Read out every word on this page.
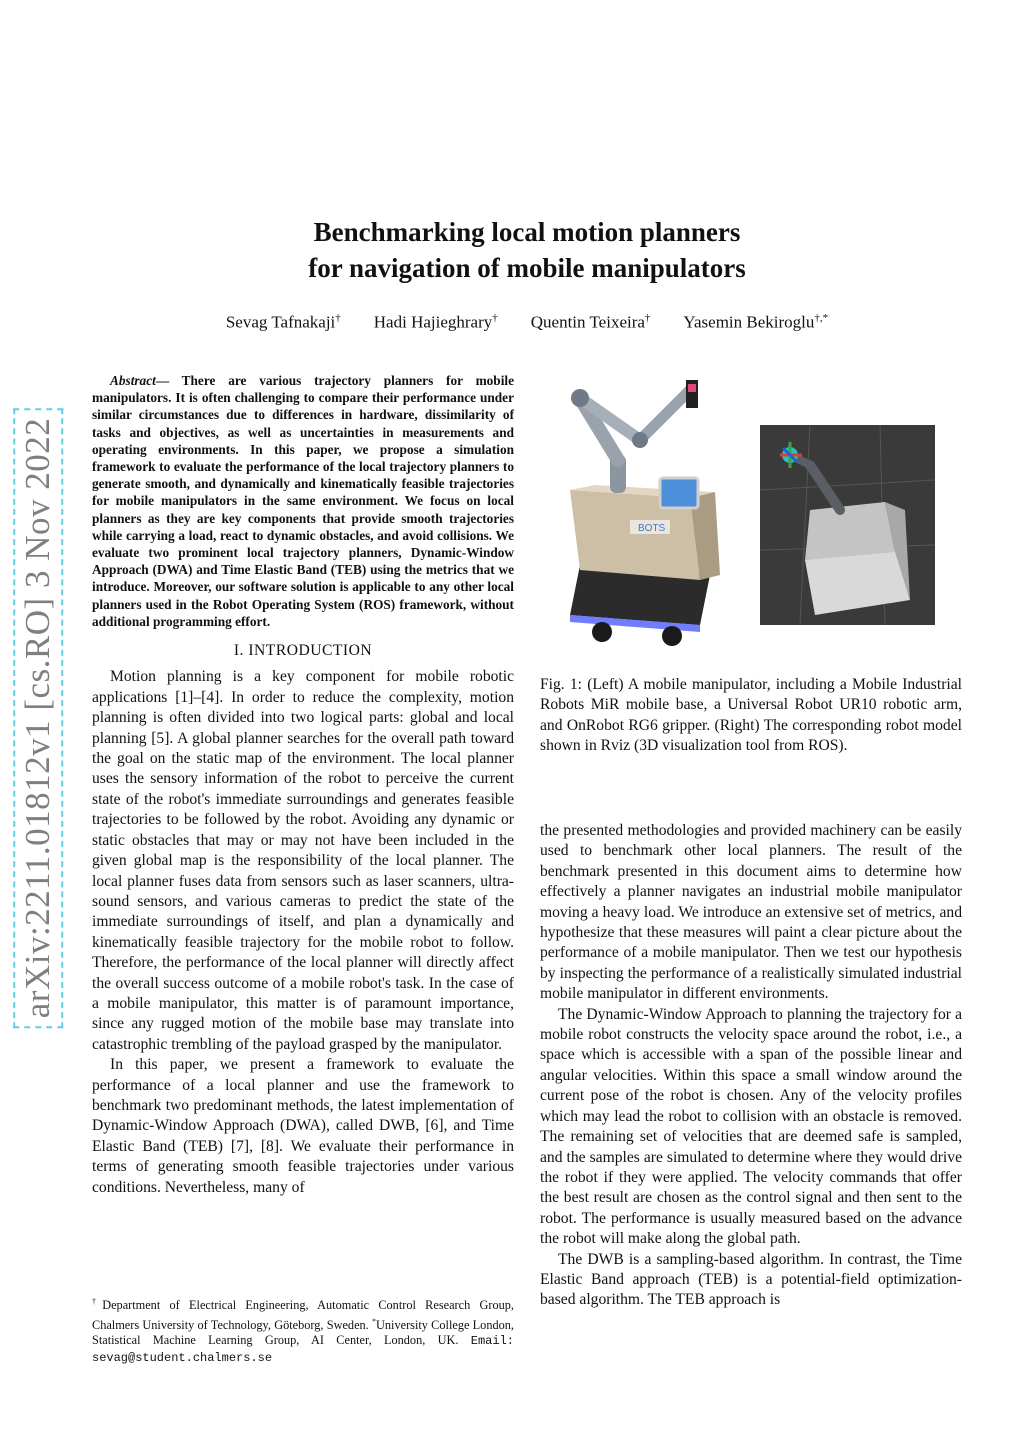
arXiv:2211.01812v1 [cs.RO] 3 Nov 2022
Benchmarking local motion planners
for navigation of mobile manipulators
Sevag Tafnakaji† Hadi Hajieghrary† Quentin Teixeira† Yasemin Bekiroglu†,*

Abstract— There are various trajectory planners for mobile manipulators. It is often challenging to compare their performance under similar circumstances due to differences in hardware, dissimilarity of tasks and objectives, as well as uncertainties in measurements and operating environments. In this paper, we propose a simulation framework to evaluate the performance of the local trajectory planners to generate smooth, and dynamically and kinematically feasible trajectories for mobile manipulators in the same environment. We focus on local planners as they are key components that provide smooth trajectories while carrying a load, react to dynamic obstacles, and avoid collisions. We evaluate two prominent local trajectory planners, Dynamic-Window Approach (DWA) and Time Elastic Band (TEB) using the metrics that we introduce. Moreover, our software solution is applicable to any other local planners used in the Robot Operating System (ROS) framework, without additional programming effort.

I. INTRODUCTION

Motion planning is a key component for mobile robotic applications [1]–[4]. In order to reduce the complexity, motion planning is often divided into two logical parts: global and local planning [5]. A global planner searches for the overall path toward the goal on the static map of the environment. The local planner uses the sensory information of the robot to perceive the current state of the robot's immediate surroundings and generates feasible trajectories to be followed by the robot. Avoiding any dynamic or static obstacles that may or may not have been included in the given global map is the responsibility of the local planner. The local planner fuses data from sensors such as laser scanners, ultra-sound sensors, and various cameras to predict the state of the immediate surroundings of itself, and plan a dynamically and kinematically feasible trajectory for the mobile robot to follow. Therefore, the performance of the local planner will directly affect the overall success outcome of a mobile robot's task. In the case of a mobile manipulator, this matter is of paramount importance, since any rugged motion of the mobile base may translate into catastrophic trembling of the payload grasped by the manipulator.

In this paper, we present a framework to evaluate the performance of a local planner and use the framework to benchmark two predominant methods, the latest implementation of Dynamic-Window Approach (DWA), called DWB, [6], and Time Elastic Band (TEB) [7], [8]. We evaluate their performance in terms of generating smooth feasible trajectories under various conditions. Nevertheless, many of

†Department of Electrical Engineering, Automatic Control Research Group, Chalmers University of Technology, Göteborg, Sweden. *University College London, Statistical Machine Learning Group, AI Center, London, UK. Email: sevag@student.chalmers.se
BOTS
Fig. 1: (Left) A mobile manipulator, including a Mobile Industrial Robots MiR mobile base, a Universal Robot UR10 robotic arm, and OnRobot RG6 gripper. (Right) The corresponding robot model shown in Rviz (3D visualization tool from ROS).

the presented methodologies and provided machinery can be easily used to benchmark other local planners. The result of the benchmark presented in this document aims to determine how effectively a planner navigates an industrial mobile manipulator moving a heavy load. We introduce an extensive set of metrics, and hypothesize that these measures will paint a clear picture about the performance of a mobile manipulator. Then we test our hypothesis by inspecting the performance of a realistically simulated industrial mobile manipulator in different environments.

The Dynamic-Window Approach to planning the trajectory for a mobile robot constructs the velocity space around the robot, i.e., a space which is accessible with a span of the possible linear and angular velocities. Within this space a small window around the current pose of the robot is chosen. Any of the velocity profiles which may lead the robot to collision with an obstacle is removed. The remaining set of velocities that are deemed safe is sampled, and the samples are simulated to determine where they would drive the robot if they were applied. The velocity commands that offer the best result are chosen as the control signal and then sent to the robot. The performance is usually measured based on the advance the robot will make along the global path.

The DWB is a sampling-based algorithm. In contrast, the Time Elastic Band approach (TEB) is a potential-field optimization-based algorithm. The TEB approach is
